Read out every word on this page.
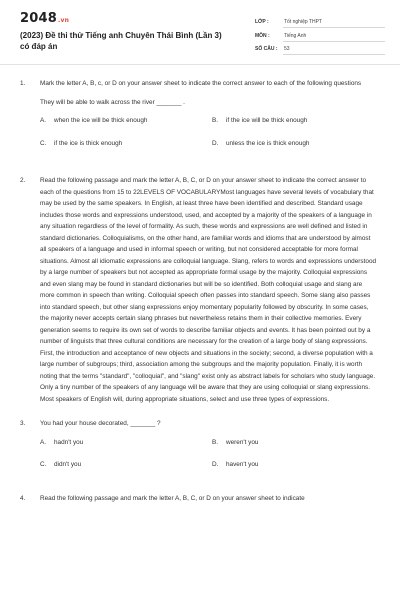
2048.vn
(2023) Đề thi thử Tiếng anh Chuyên Thái Bình (Lần 3) có đáp án
LỚP :	Tốt nghiệp THPT
MÔN :	Tiếng Anh
SỐ CÂU :	53
1. Mark the letter A, B, c, or D on your answer sheet to indicate the correct answer to each of the following questions
They will be able to walk across the river _______ .
A.	when the ice will be thick enough	B.	if the ice will be thick enough
C.	if the ice is thick enough	D.	unless the ice is thick enough
2. Read the following passage and mark the letter A, B, C, or D on your answer sheet to indicate the correct answer to each of the questions from 15 to 22LEVELS OF VOCABULARYMost languages have several levels of vocabulary that may be used by the same speakers. In English, at least three have been identified and described. Standard usage includes those words and expressions understood, used, and accepted by a majority of the speakers of a language in any situation regardless of the level of formality. As such, these words and expressions are well defined and listed in standard dictionaries. Colloquialisms, on the other hand, are familiar words and idioms that are understood by almost all speakers of a language and used in informal speech or writing, but not considered acceptable for more formal situations. Almost all idiomatic expressions are colloquial language. Slang, refers to words and expressions understood by a large number of speakers but not accepted as appropriate formal usage by the majority. Colloquial expressions and even slang may be found in standard dictionaries but will be so identified. Both colloquial usage and slang are more common in speech than writing. Colloquial speech often passes into standard speech. Some slang also passes into standard speech, but other slang expressions enjoy momentary popularity followed by obscurity. In some cases, the majority never accepts certain slang phrases but nevertheless retains them in their collective memories. Every generation seems to require its own set of words to describe familiar objects and events. It has been pointed out by a number of linguists that three cultural conditions are necessary for the creation of a large body of slang expressions. First, the introduction and acceptance of new objects and situations in the society; second, a diverse population with a large number of subgroups; third, association among the subgroups and the majority population. Finally, it is worth noting that the terms "standard", "colloquial", and "slang" exist only as abstract labels for scholars who study language. Only a tiny number of the speakers of any language will be aware that they are using colloquial or slang expressions. Most speakers of English will, during appropriate situations, select and use three types of expressions.
3. You had your house decorated, _______ ?
A.	hadn't you	B.	weren't you
C.	didn't you	D.	haven't you
4. Read the following passage and mark the letter A, B, C, or D on your answer sheet to indicate
